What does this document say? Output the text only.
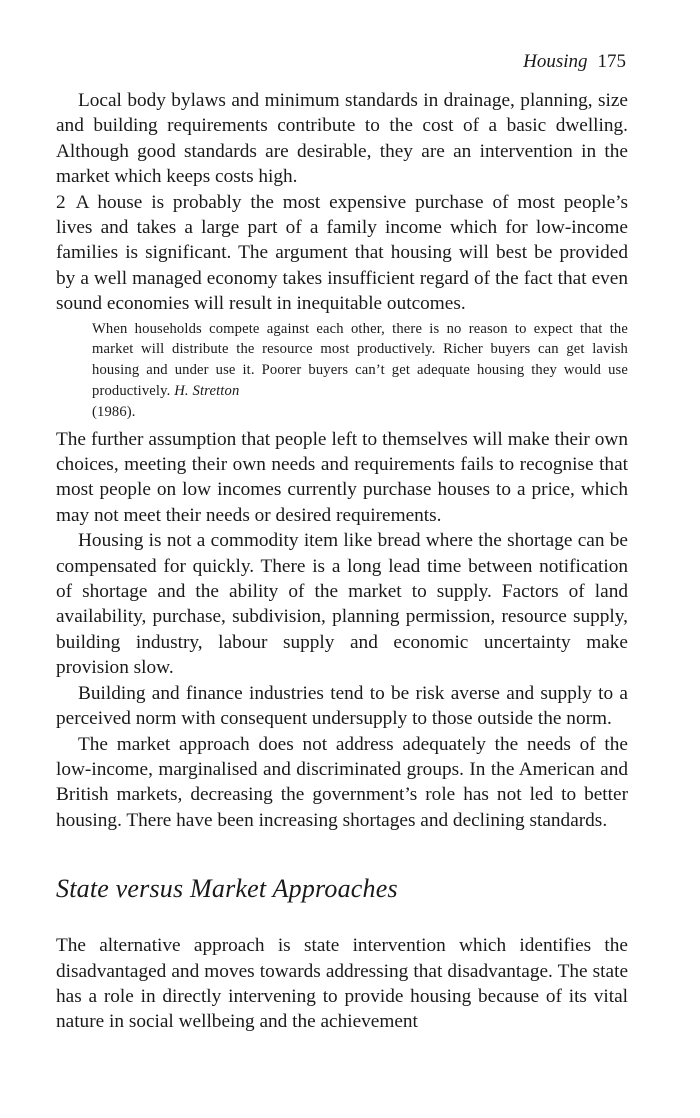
Housing 175

Local body bylaws and minimum standards in drainage, planning, size and building requirements contribute to the cost of a basic dwelling. Although good standards are desirable, they are an intervention in the market which keeps costs high.

2 A house is probably the most expensive purchase of most people’s lives and takes a large part of a family income which for low-income families is significant. The argument that housing will best be provided by a well managed economy takes insufficient regard of the fact that even sound economies will result in inequitable outcomes.

When households compete against each other, there is no reason to expect that the market will distribute the resource most productively. Richer buyers can get lavish housing and under use it. Poorer buyers can’t get adequate housing they would use productively. H. Stretton
(1986).

The further assumption that people left to themselves will make their own choices, meeting their own needs and requirements fails to recognise that most people on low incomes currently purchase houses to a price, which may not meet their needs or desired requirements.

Housing is not a commodity item like bread where the shortage can be compensated for quickly. There is a long lead time between notification of shortage and the ability of the market to supply. Factors of land availability, purchase, subdivision, planning permission, resource supply, building industry, labour supply and economic uncertainty make provision slow.

Building and finance industries tend to be risk averse and supply to a perceived norm with consequent undersupply to those outside the norm.

The market approach does not address adequately the needs of the low-income, marginalised and discriminated groups. In the American and British markets, decreasing the government’s role has not led to better housing. There have been increasing shortages and declining standards.

State versus Market Approaches

The alternative approach is state intervention which identifies the disadvantaged and moves towards addressing that disadvantage. The state has a role in directly intervening to provide housing because of its vital nature in social wellbeing and the achievement
